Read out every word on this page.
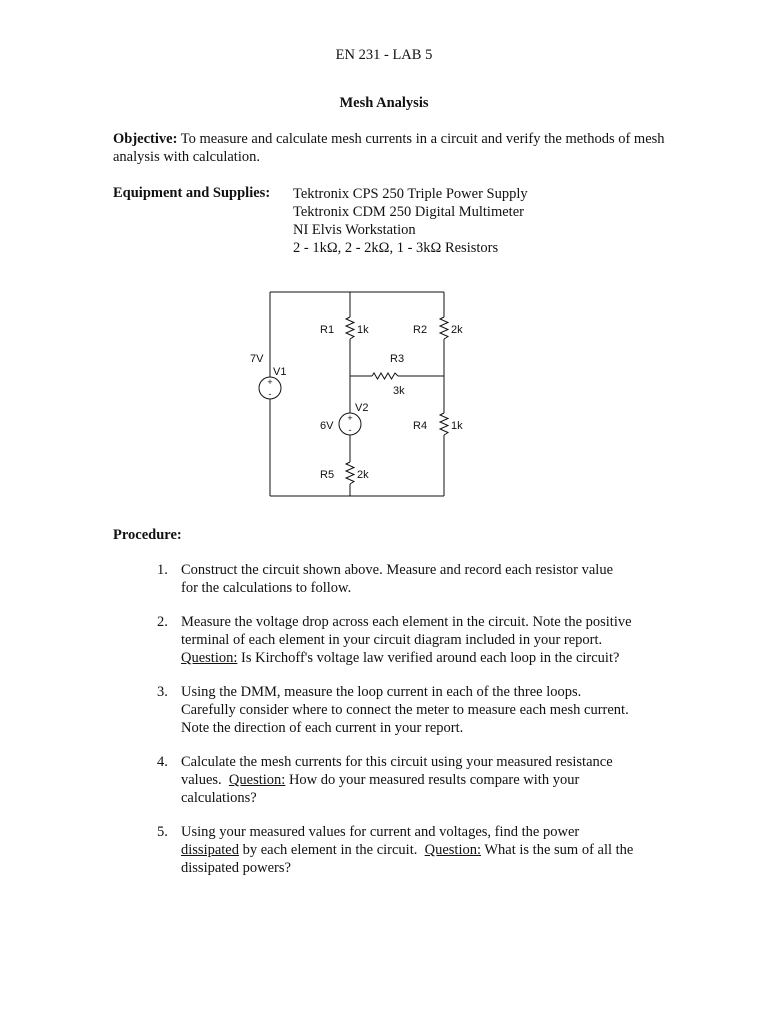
EN 231 - LAB 5
Mesh Analysis
Objective: To measure and calculate mesh currents in a circuit and verify the methods of mesh analysis with calculation.
Equipment and Supplies: Tektronix CPS 250 Triple Power Supply
Tektronix CDM 250 Digital Multimeter
NI Elvis Workstation
2 - 1kΩ, 2 - 2kΩ, 1 - 3kΩ Resistors
+
-
+
-
7V
V1
6V
V2
R1 1k	R2 2k
R3
3k
R4 1k
R5 2k
Procedure:
1. Construct the circuit shown above. Measure and record each resistor value
for the calculations to follow.
2. Measure the voltage drop across each element in the circuit. Note the positive
terminal of each element in your circuit diagram included in your report.
Question: Is Kirchoff's voltage law verified around each loop in the circuit?
3. Using the DMM, measure the loop current in each of the three loops.
Carefully consider where to connect the meter to measure each mesh current.
Note the direction of each current in your report.
4. Calculate the mesh currents for this circuit using your measured resistance
values.  Question: How do your measured results compare with your
calculations?
5. Using your measured values for current and voltages, find the power
dissipated by each element in the circuit.  Question: What is the sum of all the
dissipated powers?
